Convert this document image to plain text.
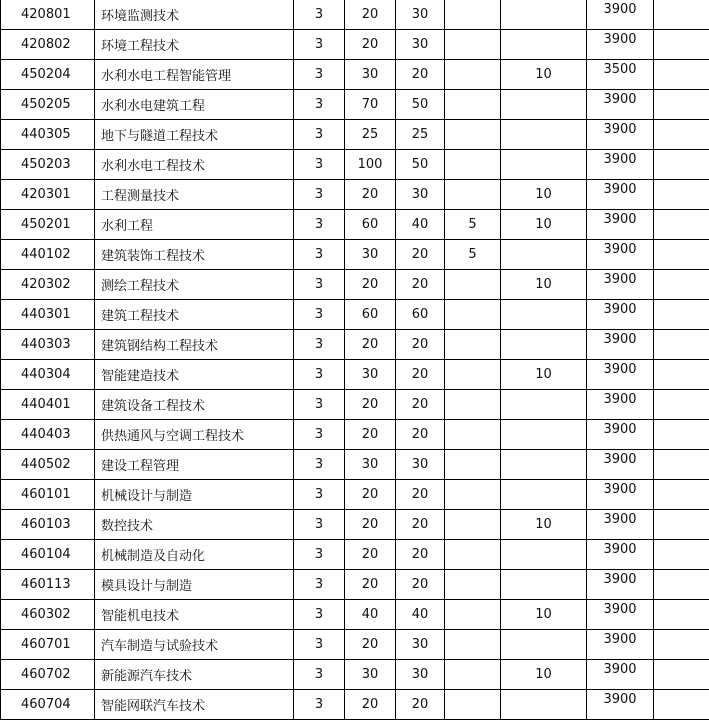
420801	环境监测技术	3	20	30			3900	
420802	环境工程技术	3	20	30			3900	
450204	水利水电工程智能管理	3	30	20		10	3500	
450205	水利水电建筑工程	3	70	50			3900	
440305	地下与隧道工程技术	3	25	25			3900	
450203	水利水电工程技术	3	100	50			3900	
420301	工程测量技术	3	20	30		10	3900	
450201	水利工程	3	60	40	5	10	3900	
440102	建筑装饰工程技术	3	30	20	5		3900	
420302	测绘工程技术	3	20	20		10	3900	
440301	建筑工程技术	3	60	60			3900	
440303	建筑钢结构工程技术	3	20	20			3900	
440304	智能建造技术	3	30	20		10	3900	
440401	建筑设备工程技术	3	20	20			3900	
440403	供热通风与空调工程技术	3	20	20			3900	
440502	建设工程管理	3	30	30			3900	
460101	机械设计与制造	3	20	20			3900	
460103	数控技术	3	20	20		10	3900	
460104	机械制造及自动化	3	20	20			3900	
460113	模具设计与制造	3	20	20			3900	
460302	智能机电技术	3	40	40		10	3900	
460701	汽车制造与试验技术	3	20	30			3900	
460702	新能源汽车技术	3	30	30		10	3900	
460704	智能网联汽车技术	3	20	20			3900	
